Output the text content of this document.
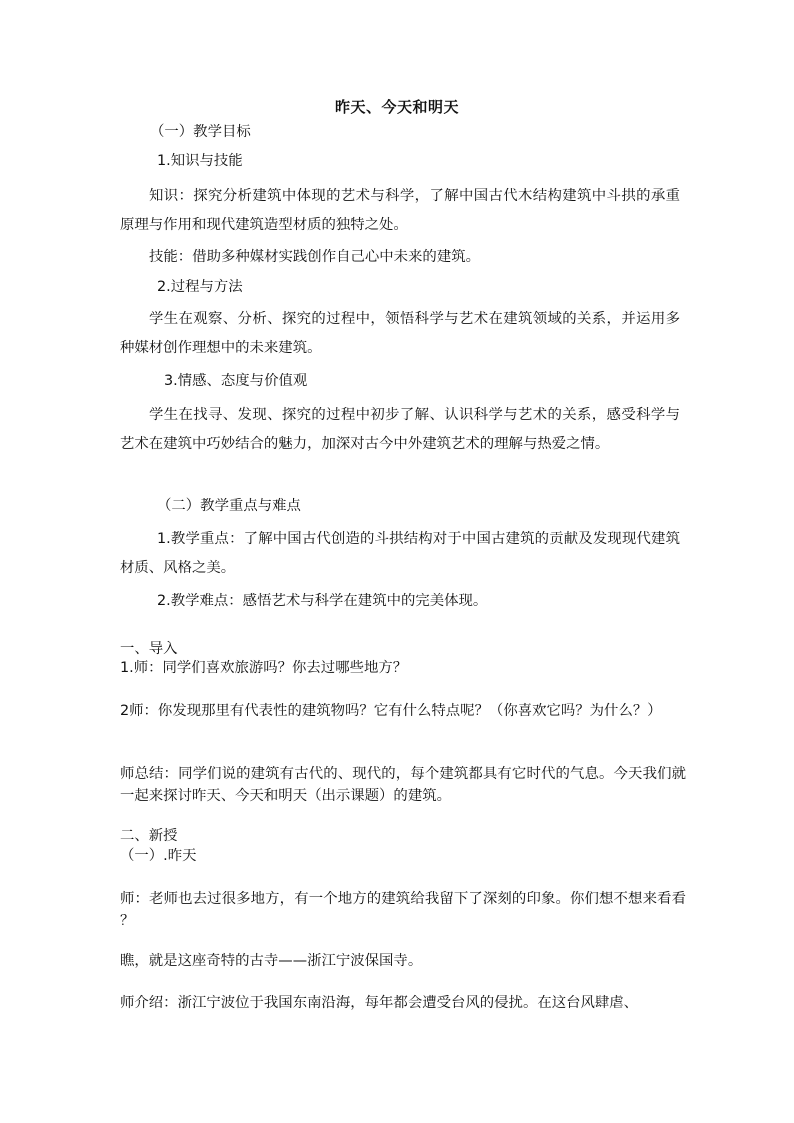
昨天、今天和明天

（一）教学目标

1.知识与技能

知识：探究分析建筑中体现的艺术与科学，了解中国古代木结构建筑中斗拱的承重原理与作用和现代建筑造型材质的独特之处。

技能：借助多种媒材实践创作自己心中未来的建筑。

2.过程与方法

学生在观察、分析、探究的过程中，领悟科学与艺术在建筑领域的关系，并运用多种媒材创作理想中的未来建筑。

3.情感、态度与价值观

学生在找寻、发现、探究的过程中初步了解、认识科学与艺术的关系，感受科学与艺术在建筑中巧妙结合的魅力，加深对古今中外建筑艺术的理解与热爱之情。

（二）教学重点与难点

1.教学重点：了解中国古代创造的斗拱结构对于中国古建筑的贡献及发现现代建筑材质、风格之美。

2.教学难点：感悟艺术与科学在建筑中的完美体现。

一、导入

1.师：同学们喜欢旅游吗？你去过哪些地方？

2师：你发现那里有代表性的建筑物吗？它有什么特点呢？（你喜欢它吗？为什么？）

师总结：同学们说的建筑有古代的、现代的，每个建筑都具有它时代的气息。今天我们就一起来探讨昨天、今天和明天（出示课题）的建筑。

二、新授

（一）.昨天

师：老师也去过很多地方，有一个地方的建筑给我留下了深刻的印象。你们想不想来看看？

瞧，就是这座奇特的古寺——浙江宁波保国寺。

师介绍：浙江宁波位于我国东南沿海，每年都会遭受台风的侵扰。在这台风肆虐、
